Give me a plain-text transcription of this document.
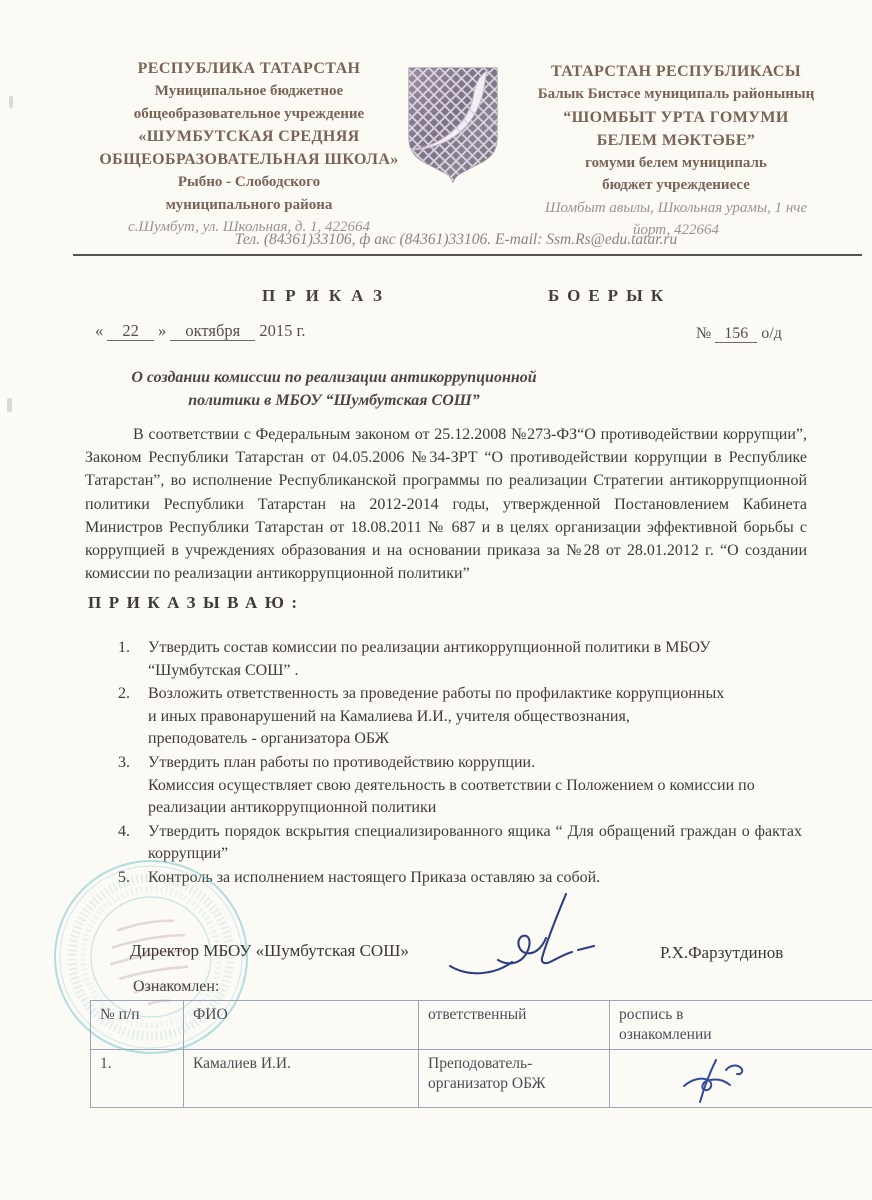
РЕСПУБЛИКА ТАТАРСТАН
Муниципальное бюджетное
общеобразовательное учреждение
«ШУМБУТСКАЯ СРЕДНЯЯ
ОБЩЕОБРАЗОВАТЕЛЬНАЯ ШКОЛА»
Рыбно - Слободского
муниципального района
с.Шумбут, ул. Школьная, д. 1, 422664
ТАТАРСТАН РЕСПУБЛИКАСЫ
Балык Бистәсе муниципаль районының
“ШОМБЫТ УРТА ГОМУМИ
БЕЛЕМ МӘКТӘБЕ”
гомуми белем муниципаль
бюджет учреждениесе
Шомбыт авылы, Школьная урамы, 1 нче
йорт, 422664
Тел. (84361)33106, ф акс (84361)33106. E-mail: Ssm.Rs@edu.tatar.ru
ПРИКАЗ	БОЕРЫК
« 22 » октября 2015 г.	№ 156 о/д
О создании комиссии по реализации антикоррупционной
политики в МБОУ “Шумбутская СОШ”
В соответствии с Федеральным законом от 25.12.2008 №273-ФЗ“О противодействии коррупции”, Законом Республики Татарстан от 04.05.2006 №34-ЗРТ “О противодействии коррупции в Республике Татарстан”, во исполнение Республиканской программы по реализации Стратегии антикоррупционной политики Республики Татарстан на 2012-2014 годы, утвержденной Постановлением Кабинета Министров Республики Татарстан от 18.08.2011 № 687 и в целях организации эффективной борьбы с коррупцией в учреждениях образования и на основании приказа за №28 от 28.01.2012 г. “О создании комиссии по реализации антикоррупционной политики”
ПРИКАЗЫВАЮ:
1.	Утвердить состав комиссии по реализации антикоррупционной политики в МБОУ “Шумбутская СОШ” .
2.	Возложить ответственность за проведение работы по профилактике коррупционных и иных правонарушений на Камалиева И.И., учителя обществознания, преподователь - организатора ОБЖ
3.	Утвердить план работы по противодействию коррупции.
Комиссия осуществляет свою деятельность в соответствии с Положением о комиссии по реализации антикоррупционной политики
4.	Утвердить порядок вскрытия специализированного ящика “ Для обращений граждан о фактах коррупции”
5.	Контроль за исполнением настоящего Приказа оставляю за собой.
Директор МБОУ «Шумбутская СОШ»	Р.Х.Фарзутдинов
Ознакомлен:
№ п/п	ФИО	ответственный	роспись в ознакомлении

1.	Камалиев И.И.	Преподователь-организатор ОБЖ	
